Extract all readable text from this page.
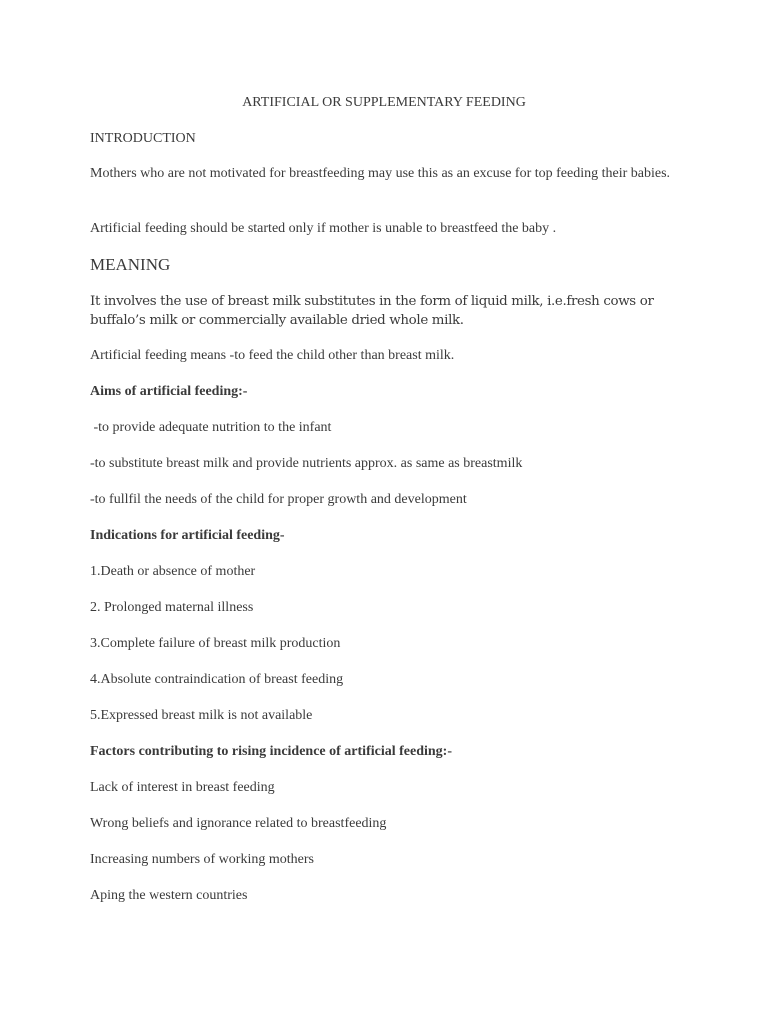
ARTIFICIAL OR SUPPLEMENTARY FEEDING
INTRODUCTION
Mothers who are not motivated for breastfeeding may use this as an excuse for top feeding their babies.
Artificial feeding should be started only if mother is unable to breastfeed the baby .
MEANING
It involves the use of breast milk substitutes in the form of liquid milk, i.e.fresh cows or buffalo’s milk or commercially available dried whole milk.
Artificial feeding means -to feed the child other than breast milk.
Aims of artificial feeding:-
-to provide adequate nutrition to the infant
-to substitute breast milk and provide nutrients approx. as same as breastmilk
-to fullfil the needs of the child for proper growth and development
Indications for artificial feeding-
1.Death or absence of mother
2. Prolonged maternal illness
3.Complete failure of breast milk production
4.Absolute contraindication of breast feeding
5.Expressed breast milk is not available
Factors contributing to rising incidence of artificial feeding:-
Lack of interest in breast feeding
Wrong beliefs and ignorance related to breastfeeding
Increasing numbers of working mothers
Aping the western countries
